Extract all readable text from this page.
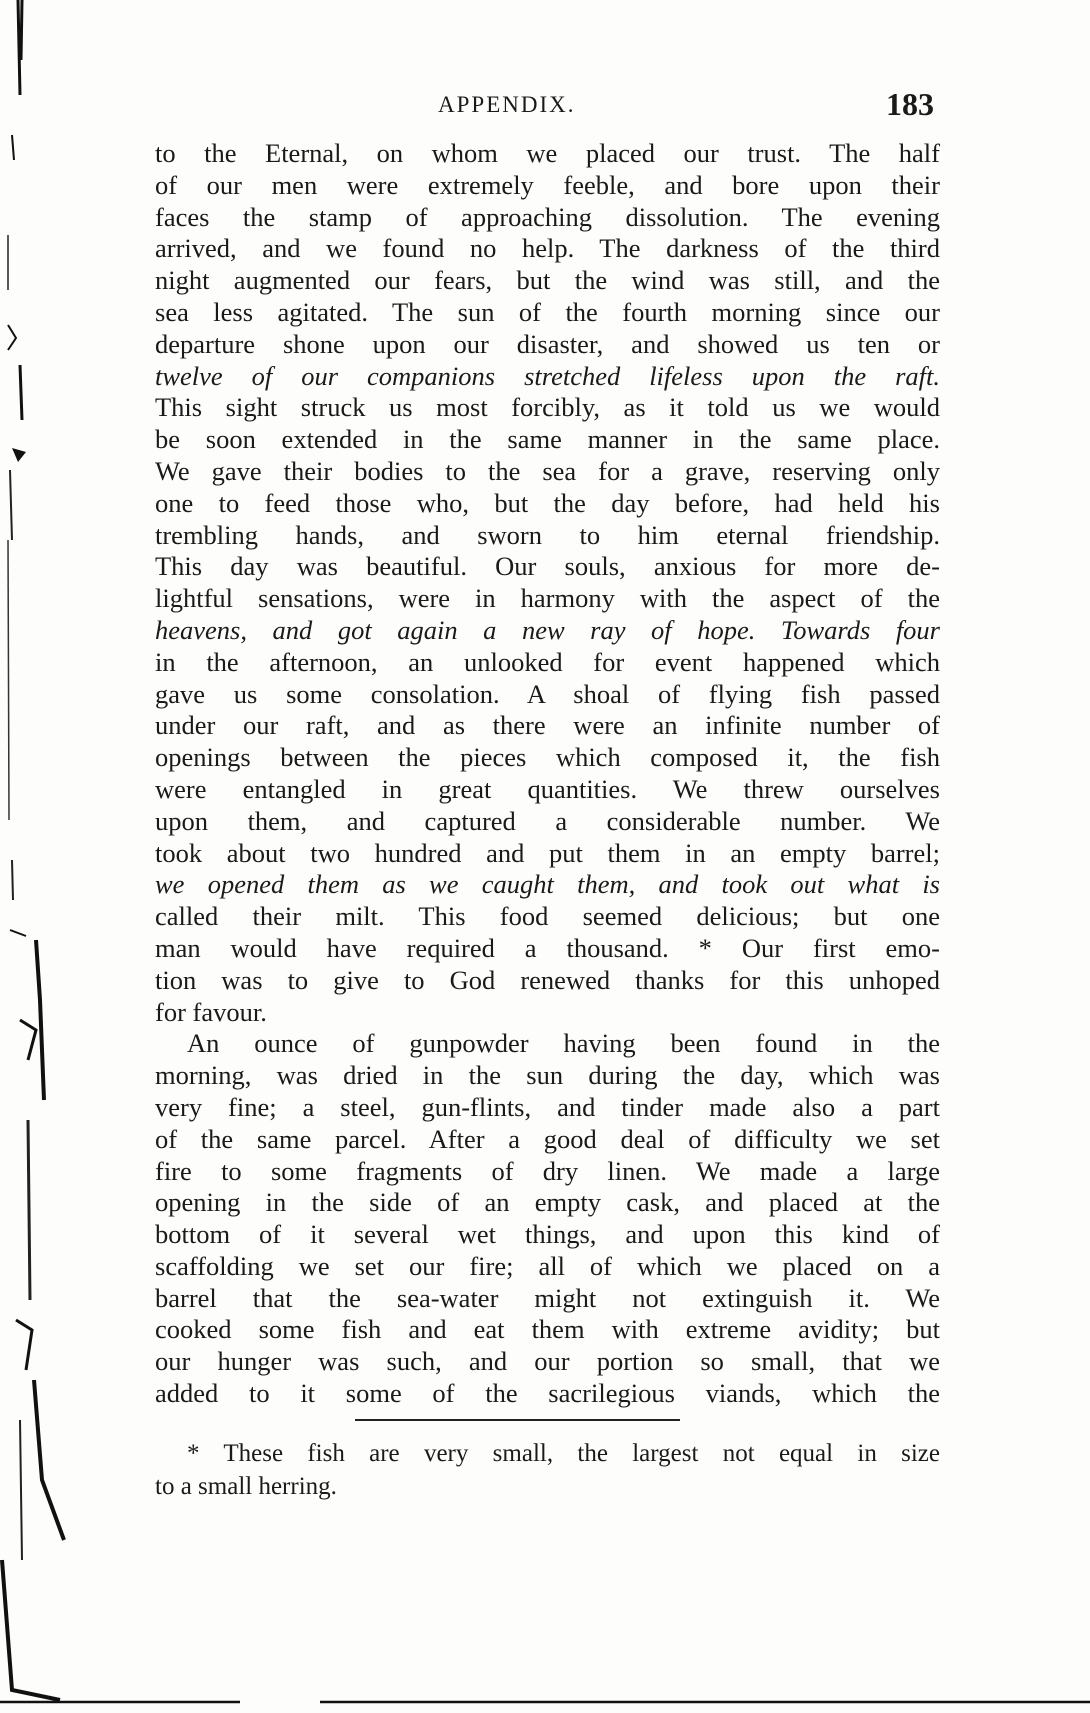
APPENDIX.	183
to the Eternal, on whom we placed our trust. The half
of our men were extremely feeble, and bore upon their
faces the stamp of approaching dissolution. The evening
arrived, and we found no help. The darkness of the third
night augmented our fears, but the wind was still, and the
sea less agitated. The sun of the fourth morning since our
departure shone upon our disaster, and showed us ten or
twelve of our companions stretched lifeless upon the raft.
This sight struck us most forcibly, as it told us we would
be soon extended in the same manner in the same place.
We gave their bodies to the sea for a grave, reserving only
one to feed those who, but the day before, had held his
trembling hands, and sworn to him eternal friendship.
This day was beautiful. Our souls, anxious for more de-
lightful sensations, were in harmony with the aspect of the
heavens, and got again a new ray of hope. Towards four
in the afternoon, an unlooked for event happened which
gave us some consolation. A shoal of flying fish passed
under our raft, and as there were an infinite number of
openings between the pieces which composed it, the fish
were entangled in great quantities. We threw ourselves
upon them, and captured a considerable number. We
took about two hundred and put them in an empty barrel;
we opened them as we caught them, and took out what is
called their milt. This food seemed delicious; but one
man would have required a thousand. * Our first emo-
tion was to give to God renewed thanks for this unhoped
for favour.
An ounce of gunpowder having been found in the
morning, was dried in the sun during the day, which was
very fine; a steel, gun-flints, and tinder made also a part
of the same parcel. After a good deal of difficulty we set
fire to some fragments of dry linen. We made a large
opening in the side of an empty cask, and placed at the
bottom of it several wet things, and upon this kind of
scaffolding we set our fire; all of which we placed on a
barrel that the sea-water might not extinguish it. We
cooked some fish and eat them with extreme avidity; but
our hunger was such, and our portion so small, that we
added to it some of the sacrilegious viands, which the
* These fish are very small, the largest not equal in size
to a small herring.
